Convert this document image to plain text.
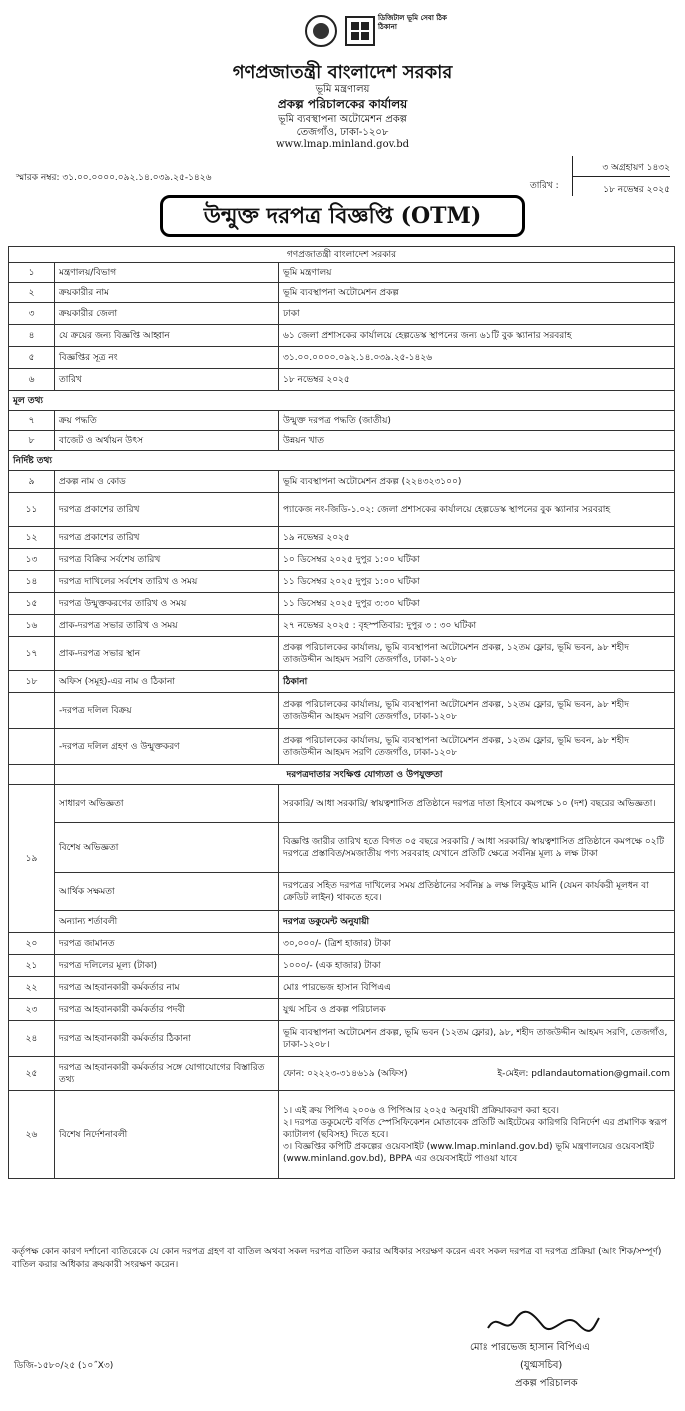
ডিজিটাল ভূমি সেবা ঠিক ঠিকানা
গণপ্রজাতন্ত্রী বাংলাদেশ সরকার
ভূমি মন্ত্রণালয়
প্রকল্প পরিচালকের কার্যালয়
ভূমি ব্যবস্থাপনা অটোমেশন প্রকল্প
তেজগাঁও, ঢাকা-১২০৮
www.lmap.minland.gov.bd
স্মারক নম্বর: ৩১.০০.০০০০.০৯২.১৪.০৩৯.২৫-১৪২৬
তারিখ :
৩ অগ্রহায়ণ ১৪৩২
১৮ নভেম্বর ২০২৫
উন্মুক্ত দরপত্র বিজ্ঞপ্তি (OTM)
গণপ্রজাতন্ত্রী বাংলাদেশ সরকার		
১	মন্ত্রণালয়/বিভাগ	ভূমি মন্ত্রণালয়
২	ক্রয়কারীর নাম	ভূমি ব্যবস্থাপনা অটোমেশন প্রকল্প
৩	ক্রয়কারীর জেলা	ঢাকা
৪	যে ক্রয়ের জন্য বিজ্ঞপ্তি আহ্বান	৬১ জেলা প্রশাসকের কার্যালয়ে হেল্পডেস্ক স্থাপনের জন্য ৬১টি বুক স্ক্যানার সরবরাহ
৫	বিজ্ঞপ্তির সূত্র নং	৩১.০০.০০০০.০৯২.১৪.০৩৯.২৫-১৪২৬
৬	তারিখ	১৮ নভেম্বর ২০২৫
মূল তথ্য		
৭	ক্রয় পদ্ধতি	উন্মুক্ত দরপত্র পদ্ধতি (জাতীয়)
৮	বাজেট ও অর্থায়ন উৎস	উন্নয়ন খাত
নির্দিষ্ট তথ্য		
৯	প্রকল্প নাম ও কোড	ভূমি ব্যবস্থাপনা অটোমেশন প্রকল্প (২২৪৩২৩১০০)
১১	দরপত্র প্রকাশের তারিখ	প্যাকেজ নং-জিডি-১.০২: জেলা প্রশাসকের কার্যালয়ে হেল্পডেস্ক স্থাপনের বুক স্ক্যানার সরবরাহ
১২	দরপত্র প্রকাশের তারিখ	১৯ নভেম্বর ২০২৫
১৩	দরপত্র বিক্রির সর্বশেষ তারিখ	১০ ডিসেম্বর ২০২৫ দুপুর ১:০০ ঘটিকা
১৪	দরপত্র দাখিলের সর্বশেষ তারিখ ও সময়	১১ ডিসেম্বর ২০২৫ দুপুর ১:০০ ঘটিকা
১৫	দরপত্র উন্মুক্তকরণের তারিখ ও সময়	১১ ডিসেম্বর ২০২৫ দুপুর ৩:৩০ ঘটিকা
১৬	প্রাক-দরপত্র সভার তারিখ ও সময়	২৭ নভেম্বর ২০২৫ : বৃহস্পতিবার: দুপুর ৩ : ৩০ ঘটিকা
১৭	প্রাক-দরপত্র সভার স্থান	প্রকল্প পরিচালকের কার্যালয়, ভূমি ব্যবস্থাপনা অটোমেশন প্রকল্প, ১২তম ফ্লোর, ভূমি ভবন, ৯৮ শহীদ তাজউদ্দীন আহমদ সরণি তেজগাঁও, ঢাকা-১২০৮
১৮	অফিস (সমূহ)-এর নাম ও ঠিকানা	ঠিকানা
	-দরপত্র দলিল বিক্রয়	প্রকল্প পরিচালকের কার্যালয়, ভূমি ব্যবস্থাপনা অটোমেশন প্রকল্প, ১২তম ফ্লোর, ভূমি ভবন, ৯৮ শহীদ তাজউদ্দীন আহমদ সরণি তেজগাঁও, ঢাকা-১২০৮
	-দরপত্র দলিল গ্রহণ ও উন্মুক্তকরণ	প্রকল্প পরিচালকের কার্যালয়, ভূমি ব্যবস্থাপনা অটোমেশন প্রকল্প, ১২তম ফ্লোর, ভূমি ভবন, ৯৮ শহীদ তাজউদ্দীন আহমদ সরণি তেজগাঁও, ঢাকা-১২০৮
	দরপত্রদাতার সংক্ষিপ্ত যোগ্যতা ও উপযুক্ততা	
১৯	সাধারণ অভিজ্ঞতা	সরকারি/ আধা সরকারি/ স্বায়ত্বশাসিত প্রতিষ্ঠানে দরপত্র দাতা হিসাবে কমপক্ষে ১০ (দশ) বছরের অভিজ্ঞতা।
	বিশেষ অভিজ্ঞতা	বিজ্ঞপ্তি জারীর তারিখ হতে বিগত ০৫ বছরে সরকারি / আধা সরকারি/ স্বায়ত্বশাসিত প্রতিষ্ঠানে কমপক্ষে ০২টি দরপত্রে প্রস্তাবিত/সমজাতীয় পণ্য সরবরাহ যেখানে প্রতিটি ক্ষেত্রে সর্বনিম্ন মূল্য ৯ লক্ষ টাকা
	আর্থিক সক্ষমতা	দরপত্রের সহিত দরপত্র দাখিলের সময় প্রতিষ্ঠানের সর্বনিম্ন ৯ লক্ষ লিকুইড মানি (যেমন কার্যকরী মূলধন বা ক্রেডিট লাইন) থাকতে হবে।
	অন্যান্য শর্তাবলী	দরপত্র ডকুমেন্ট অনুযায়ী
২০	দরপত্র জামানত	৩০,০০০/- (ত্রিশ হাজার) টাকা
২১	দরপত্র দলিলের মূল্য (টাকা)	১০০০/- (এক হাজার) টাকা
২২	দরপত্র আহবানকারী কর্মকর্তার নাম	মোঃ পারভেজ হাসান বিপিএএ
২৩	দরপত্র আহবানকারী কর্মকর্তার পদবী	যুগ্ম সচিব ও প্রকল্প পরিচালক
২৪	দরপত্র আহবানকারী কর্মকর্তার ঠিকানা	ভূমি ব্যবস্থাপনা অটোমেশন প্রকল্প, ভূমি ভবন (১২তম ফ্লোর), ৯৮, শহীদ তাজউদ্দীন আহমদ সরণি, তেজগাঁও, ঢাকা-১২০৮।
২৫	দরপত্র আহবানকারী কর্মকর্তার সঙ্গে যোগাযোগের বিস্তারিত তথ্য	ফোন: ০২২২৩-৩১৪৬১৯ (অফিস) ই-মেইল: pdlandautomation@gmail.com

২৬	বিশেষ নির্দেশনাবলী	১। এই ক্রয় পিপিএ ২০০৬ ও পিপিআর ২০২৫ অনুযায়ী প্রক্রিয়াকরণ করা হবে।
২। দরপত্র ডকুমেন্টে বর্ণিত স্পেসিফিকেশন মোতাবেক প্রতিটি আইটেমের কারিগরি বিনির্দেশ এর প্রমাণিক স্বরূপ ক্যাটালগ (ছবিসহ) দিতে হবে।
৩। বিজ্ঞপ্তির কপিটি প্রকল্পের ওয়েবসাইট (www.lmap.minland.gov.bd) ভূমি মন্ত্রণালয়ের ওয়েবসাইট (www.minland.gov.bd), BPPA এর ওয়েবসাইটে পাওয়া যাবে
কর্তৃপক্ষ কোন কারণ দর্শানো ব্যতিরেকে যে কোন দরপত্র গ্রহণ বা বাতিল অথবা সকল দরপত্র বাতিল করার অধিকার সংরক্ষণ করেন এবং সকল দরপত্র বা দরপত্র প্রক্রিয়া (আং শিক/সম্পূর্ণ) বাতিল করার অধিকার ক্রয়কারী সংরক্ষণ করেন।
মোঃ পারভেজ হাসান বিপিএএ
(যুগ্মসচিব)
প্রকল্প পরিচালক
ডিজি-১৫৮০/২৫ (১০˝X৩)
